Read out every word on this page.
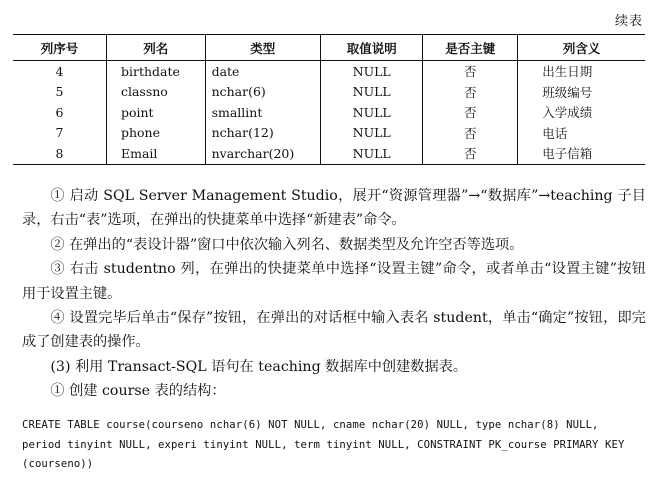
续表
列序号	列名	类型	取值说明	是否主键	列含义
4	birthdate	date	NULL	否	出生日期
5	classno	nchar(6)	NULL	否	班级编号
6	point	smallint	NULL	否	入学成绩
7	phone	nchar(12)	NULL	否	电话
8	Email	nvarchar(20)	NULL	否	电子信箱

① 启动 SQL Server Management Studio，展开“资源管理器”→“数据库”→teaching 子目录，右击“表”选项，在弹出的快捷菜单中选择“新建表”命令。

② 在弹出的“表设计器”窗口中依次输入列名、数据类型及允许空否等选项。

③ 右击 studentno 列，在弹出的快捷菜单中选择“设置主键”命令，或者单击“设置主键”按钮用于设置主键。

④ 设置完毕后单击“保存”按钮，在弹出的对话框中输入表名 student，单击“确定”按钮，即完成了创建表的操作。

(3) 利用 Transact-SQL 语句在 teaching 数据库中创建数据表。

① 创建 course 表的结构：

CREATE TABLE course(courseno nchar(6) NOT NULL, cname nchar(20) NULL, type nchar(8) NULL,
period tinyint NULL, experi tinyint NULL, term tinyint NULL, CONSTRAINT PK_course PRIMARY KEY
(courseno))
